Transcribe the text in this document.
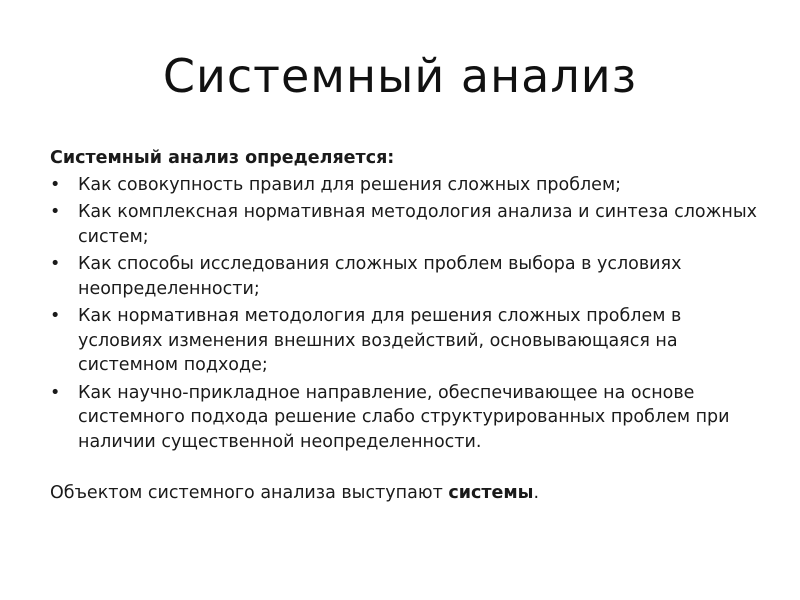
Системный анализ
Системный анализ определяется:
• Как совокупность правил для решения сложных проблем;
• Как комплексная нормативная методология анализа и синтеза сложных систем;
• Как способы исследования сложных проблем выбора в условиях неопределенности;
• Как нормативная методология для решения сложных проблем в условиях изменения внешних воздействий, основывающаяся на системном подходе;
• Как научно-прикладное направление, обеспечивающее на основе системного подхода решение слабо структурированных проблем при наличии существенной неопределенности.
Объектом системного анализа выступают системы.
